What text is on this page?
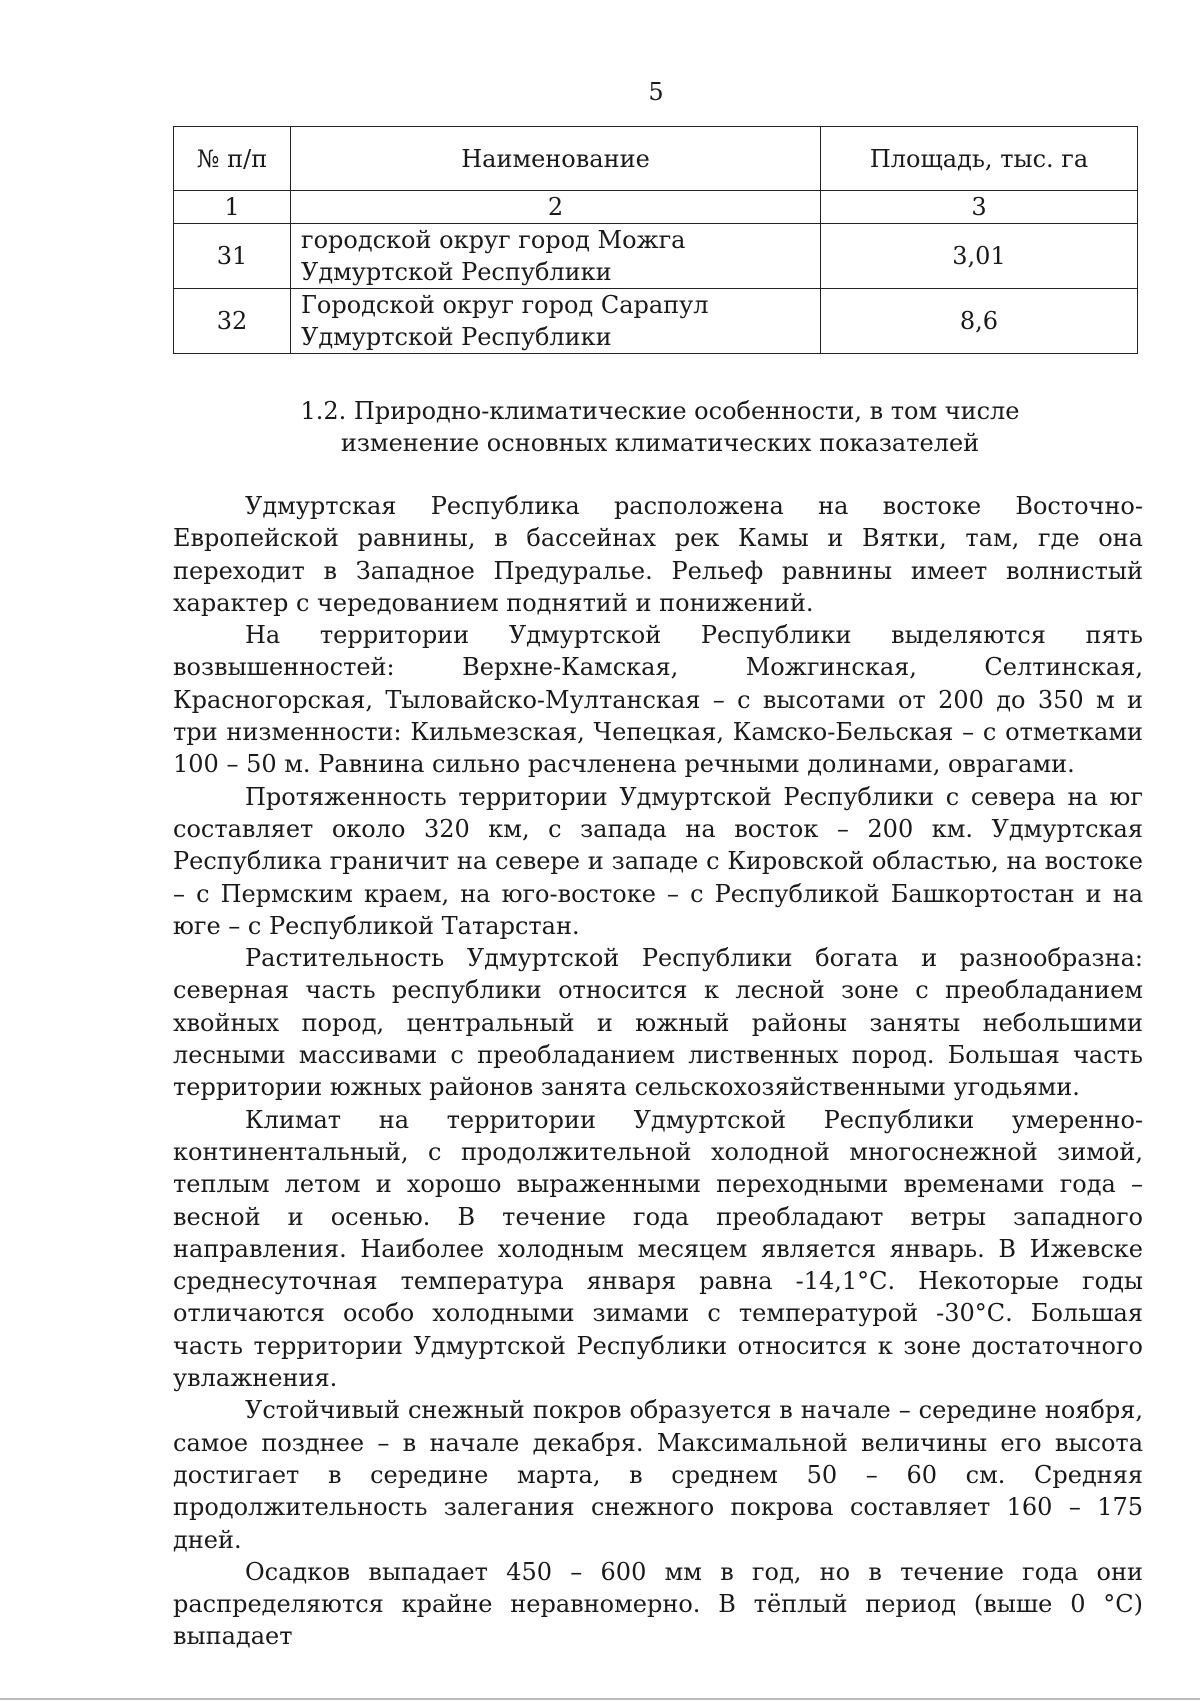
5
№ п/п	Наименование	Площадь, тыс. га
1	2	3
31	городской округ город Можга Удмуртской Республики	3,01
32	Городской округ город Сарапул Удмуртской Республики	8,6
1.2. Природно-климатические особенности, в том числе
изменение основных климатических показателей

Удмуртская Республика расположена на востоке Восточно-Европейской равнины, в бассейнах рек Камы и Вятки, там, где она переходит в Западное Предуралье. Рельеф равнины имеет волнистый характер с чередованием поднятий и понижений.

На территории Удмуртской Республики выделяются пять возвышенностей: Верхне-Камская, Можгинская, Селтинская, Красногорская, Тыловайско-Мултанская – с высотами от 200 до 350 м и три низменности: Кильмезская, Чепецкая, Камско-Бельская – с отметками 100 – 50 м. Равнина сильно расчленена речными долинами, оврагами.

Протяженность территории Удмуртской Республики с севера на юг составляет около 320 км, с запада на восток – 200 км. Удмуртская Республика граничит на севере и западе с Кировской областью, на востоке – с Пермским краем, на юго-востоке – с Республикой Башкортостан и на юге – с Республикой Татарстан.

Растительность Удмуртской Республики богата и разнообразна: северная часть республики относится к лесной зоне с преобладанием хвойных пород, центральный и южный районы заняты небольшими лесными массивами с преобладанием лиственных пород. Большая часть территории южных районов занята сельскохозяйственными угодьями.

Климат на территории Удмуртской Республики умеренно-континентальный, с продолжительной холодной многоснежной зимой, теплым летом и хорошо выраженными переходными временами года – весной и осенью. В течение года преобладают ветры западного направления. Наиболее холодным месяцем является январь. В Ижевске среднесуточная температура января равна -14,1°С. Некоторые годы отличаются особо холодными зимами с температурой -30°С. Большая часть территории Удмуртской Республики относится к зоне достаточного увлажнения.

Устойчивый снежный покров образуется в начале – середине ноября, самое позднее – в начале декабря. Максимальной величины его высота достигает в середине марта, в среднем 50 – 60 см. Средняя продолжительность залегания снежного покрова составляет 160 – 175 дней.

Осадков выпадает 450 – 600 мм в год, но в течение года они распределяются крайне неравномерно. В тёплый период (выше 0 °С) выпадает
